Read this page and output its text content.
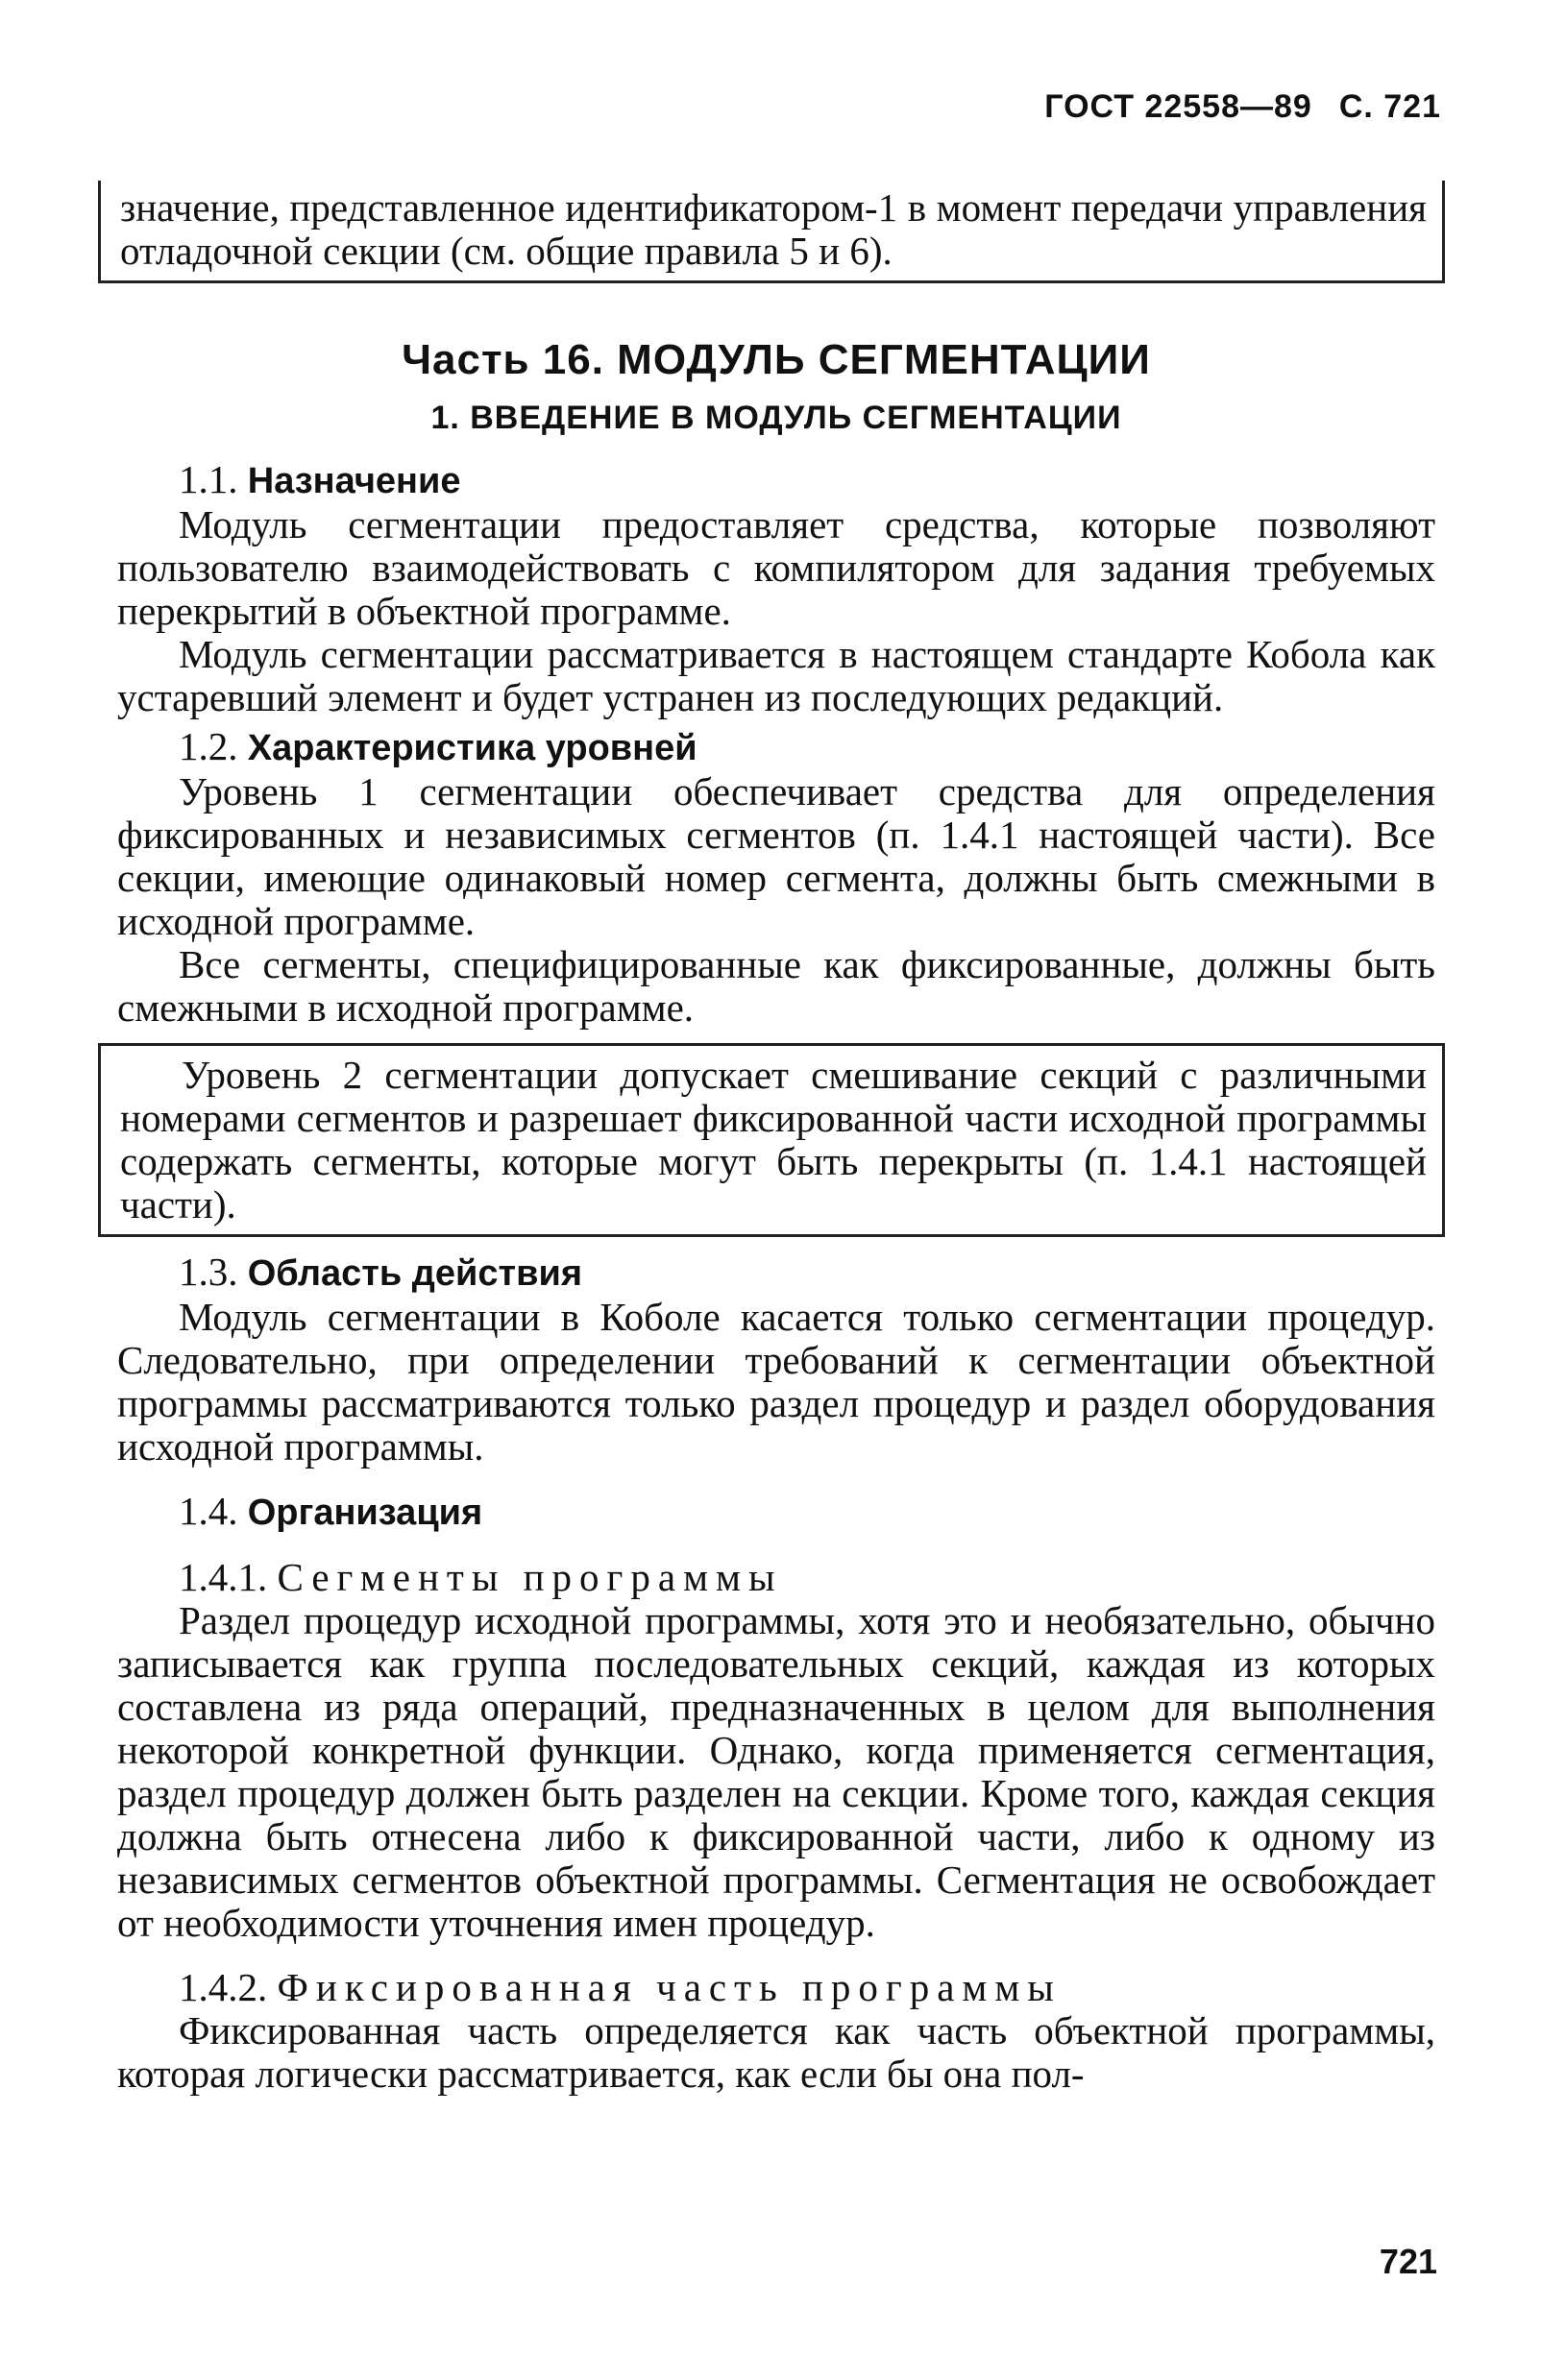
ГОСТ 22558—89 С. 721

значение, представленное идентификатором-1 в момент передачи управления отладочной секции (см. общие правила 5 и 6).

Часть 16. МОДУЛЬ СЕГМЕНТАЦИИ
1. ВВЕДЕНИЕ В МОДУЛЬ СЕГМЕНТАЦИИ

1.1. Назначение

Модуль сегментации предоставляет средства, которые позволяют пользователю взаимодействовать с компилятором для задания требуемых перекрытий в объектной программе.

Модуль сегментации рассматривается в настоящем стандарте Кобола как устаревший элемент и будет устранен из последующих редакций.

1.2. Характеристика уровней

Уровень 1 сегментации обеспечивает средства для определения фиксированных и независимых сегментов (п. 1.4.1 настоящей части). Все секции, имеющие одинаковый номер сегмента, должны быть смежными в исходной программе.

Все сегменты, специфицированные как фиксированные, должны быть смежными в исходной программе.

Уровень 2 сегментации допускает смешивание секций с различными номерами сегментов и разрешает фиксированной части исходной программы содержать сегменты, которые могут быть перекрыты (п. 1.4.1 настоящей части).

1.3. Область действия

Модуль сегментации в Коболе касается только сегментации процедур. Следовательно, при определении требований к сегментации объектной программы рассматриваются только раздел процедур и раздел оборудования исходной программы.

1.4. Организация

1.4.1. Сегменты программы

Раздел процедур исходной программы, хотя это и необязательно, обычно записывается как группа последовательных секций, каждая из которых составлена из ряда операций, предназначенных в целом для выполнения некоторой конкретной функции. Однако, когда применяется сегментация, раздел процедур должен быть разделен на секции. Кроме того, каждая секция должна быть отнесена либо к фиксированной части, либо к одному из независимых сегментов объектной программы. Сегментация не освобождает от необходимости уточнения имен процедур.

1.4.2. Фиксированная часть программы

Фиксированная часть определяется как часть объектной программы, которая логически рассматривается, как если бы она пол-

721
